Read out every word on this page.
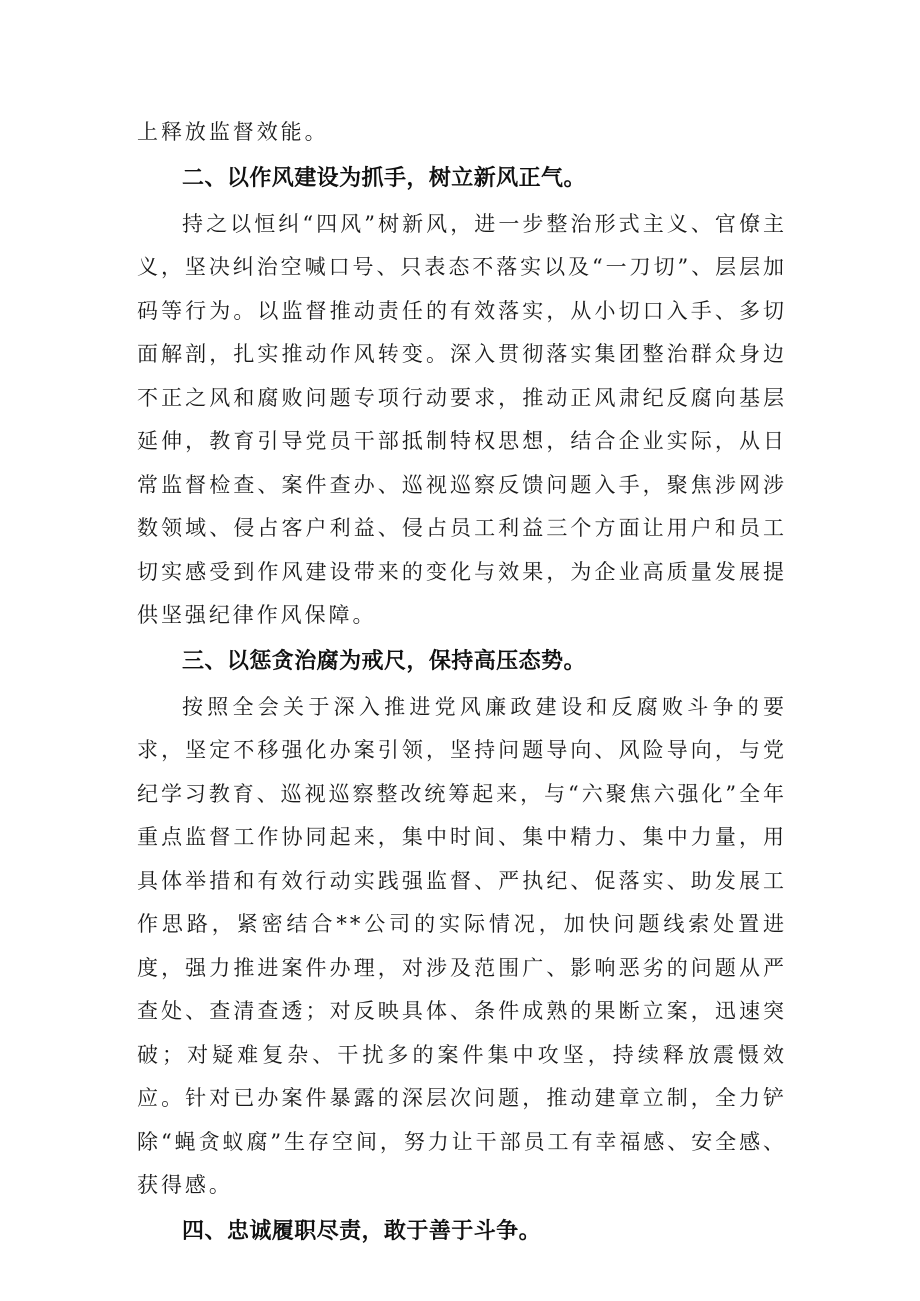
上释放监督效能。

二、以作风建设为抓手，树立新风正气。

持之以恒纠“四风”树新风，进一步整治形式主义、官僚主义，坚决纠治空喊口号、只表态不落实以及“一刀切”、层层加码等行为。以监督推动责任的有效落实，从小切口入手、多切面解剖，扎实推动作风转变。深入贯彻落实集团整治群众身边不正之风和腐败问题专项行动要求，推动正风肃纪反腐向基层延伸，教育引导党员干部抵制特权思想，结合企业实际，从日常监督检查、案件查办、巡视巡察反馈问题入手，聚焦涉网涉数领域、侵占客户利益、侵占员工利益三个方面让用户和员工切实感受到作风建设带来的变化与效果，为企业高质量发展提供坚强纪律作风保障。

三、以惩贪治腐为戒尺，保持高压态势。

按照全会关于深入推进党风廉政建设和反腐败斗争的要求，坚定不移强化办案引领，坚持问题导向、风险导向，与党纪学习教育、巡视巡察整改统筹起来，与“六聚焦六强化”全年重点监督工作协同起来，集中时间、集中精力、集中力量，用具体举措和有效行动实践强监督、严执纪、促落实、助发展工作思路，紧密结合**公司的实际情况，加快问题线索处置进度，强力推进案件办理，对涉及范围广、影响恶劣的问题从严查处、查清查透；对反映具体、条件成熟的果断立案，迅速突破；对疑难复杂、干扰多的案件集中攻坚，持续释放震慑效应。针对已办案件暴露的深层次问题，推动建章立制，全力铲除“蝇贪蚁腐”生存空间，努力让干部员工有幸福感、安全感、获得感。

四、忠诚履职尽责，敢于善于斗争。
